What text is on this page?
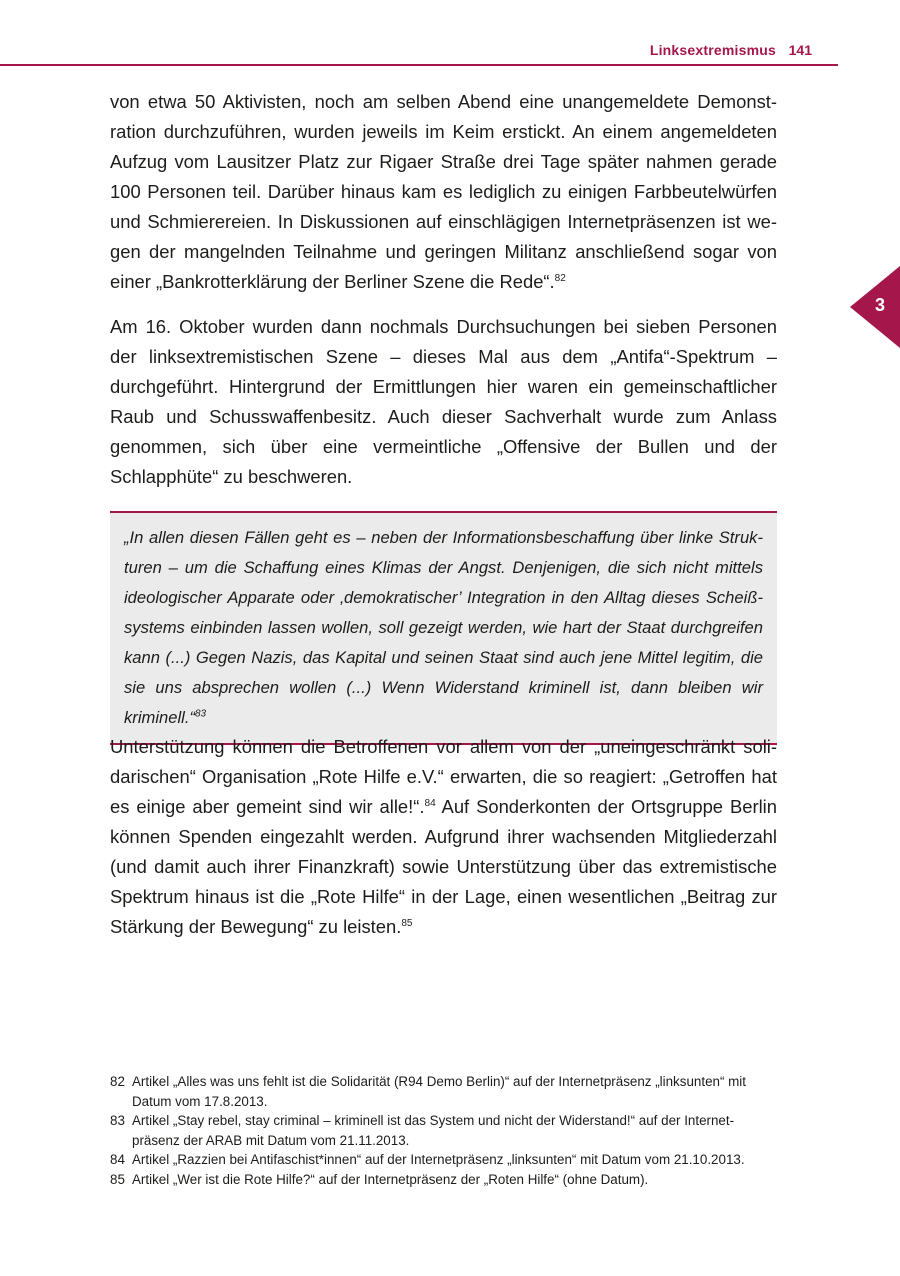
Linksextremismus 141
3

von etwa 50 Aktivisten, noch am selben Abend eine unangemeldete Demonstration durchzuführen, wurden jeweils im Keim erstickt. An einem angemeldeten Aufzug vom Lausitzer Platz zur Rigaer Straße drei Tage später nahmen gerade 100 Personen teil. Darüber hinaus kam es lediglich zu einigen Farbbeutelwürfen und Schmierereien. In Diskussionen auf einschlägigen Internetpräsenzen ist wegen der mangelnden Teilnahme und geringen Militanz anschließend sogar von einer „Bankrotterklärung der Berliner Szene die Rede“.$^{82}$

Am 16. Oktober wurden dann nochmals Durchsuchungen bei sieben Personen der linksextremistischen Szene – dieses Mal aus dem „Antifa“-Spektrum – durchgeführt. Hintergrund der Ermittlungen hier waren ein gemeinschaftlicher Raub und Schusswaffenbesitz. Auch dieser Sachverhalt wurde zum Anlass genommen, sich über eine vermeintliche „Offensive der Bullen und der Schlapphüte“ zu beschweren.

„In allen diesen Fällen geht es – neben der Informationsbeschaffung über linke Strukturen – um die Schaffung eines Klimas der Angst. Denjenigen, die sich nicht mittels ideologischer Apparate oder ‚demokratischer’ Integration in den Alltag dieses Scheißsystems einbinden lassen wollen, soll gezeigt werden, wie hart der Staat durchgreifen kann (...) Gegen Nazis, das Kapital und seinen Staat sind auch jene Mittel legitim, die sie uns absprechen wollen (...) Wenn Widerstand kriminell ist, dann bleiben wir kriminell.“$^{83}$

Unterstützung können die Betroffenen vor allem von der „uneingeschränkt solidarischen“ Organisation „Rote Hilfe e.V.“ erwarten, die so reagiert: „Getroffen hat es einige aber gemeint sind wir alle!“.$^{84}$ Auf Sonderkonten der Ortsgruppe Berlin können Spenden eingezahlt werden. Aufgrund ihrer wachsenden Mitgliederzahl (und damit auch ihrer Finanzkraft) sowie Unterstützung über das extremistische Spektrum hinaus ist die „Rote Hilfe“ in der Lage, einen wesentlichen „Beitrag zur Stärkung der Bewegung“ zu leisten.$^{85}$

82 Artikel „Alles was uns fehlt ist die Solidarität (R94 Demo Berlin)“ auf der Internetpräsenz „linksunten“ mit Datum vom 17.8.2013.
83 Artikel „Stay rebel, stay criminal – kriminell ist das System und nicht der Widerstand!“ auf der Internetpräsenz der ARAB mit Datum vom 21.11.2013.
84 Artikel „Razzien bei Antifaschist*innen“ auf der Internetpräsenz „linksunten“ mit Datum vom 21.10.2013.
85 Artikel „Wer ist die Rote Hilfe?“ auf der Internetpräsenz der „Roten Hilfe“ (ohne Datum).
